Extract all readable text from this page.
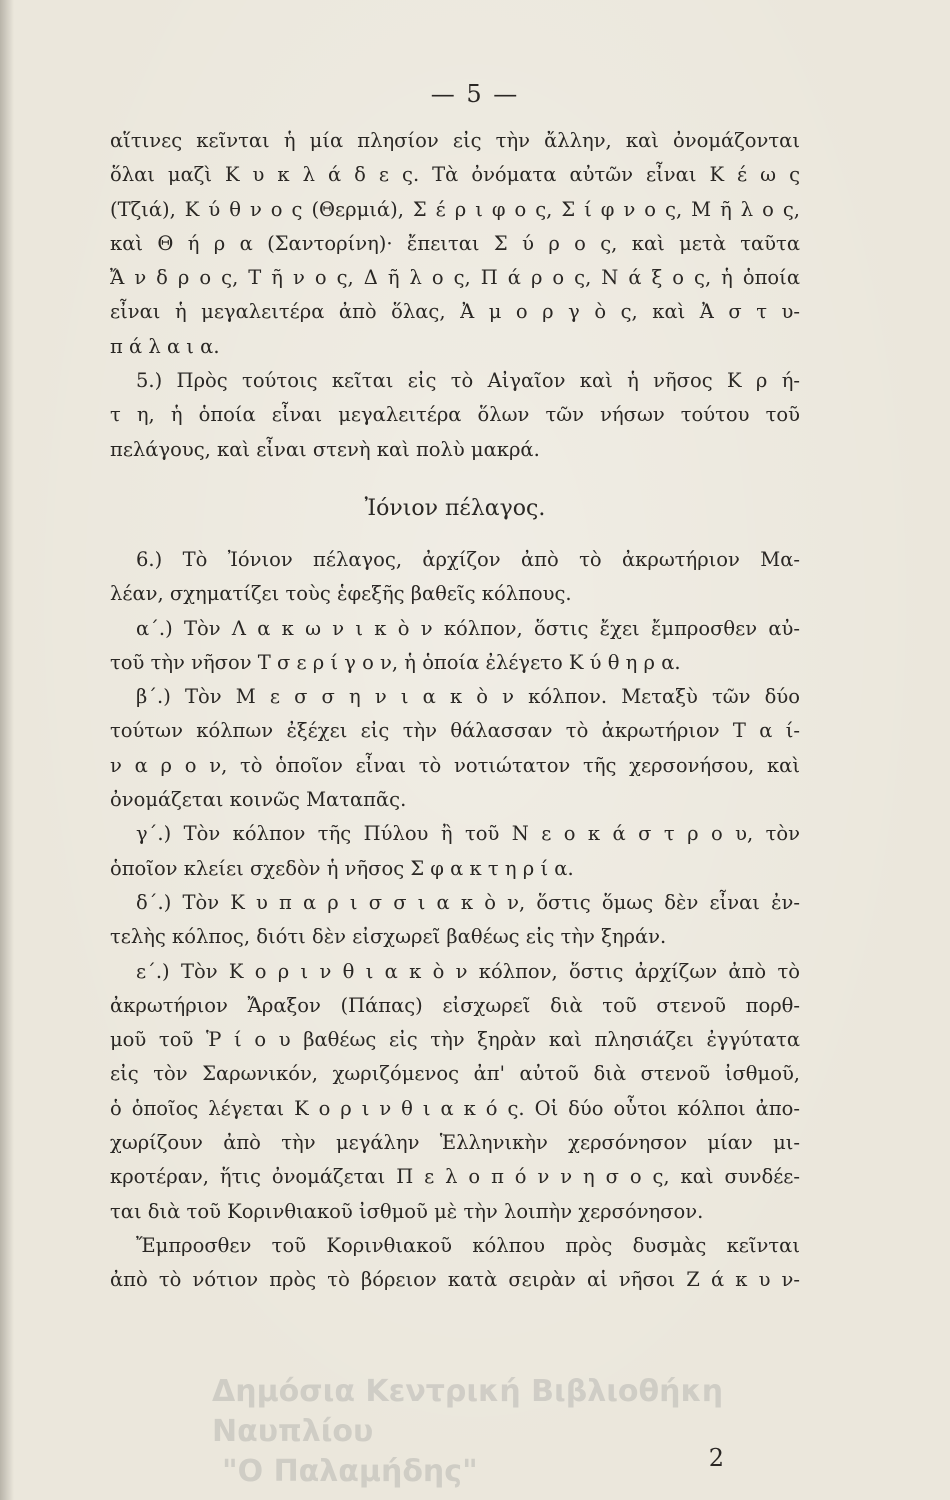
— 5 —
αἵτινες κεῖνται ἡ μία πλησίον εἰς τὴν ἄλλην, καὶ ὀνομάζονται
ὅλαι μαζὶ Κ υ κ λ ά δ ε ς. Τὰ ὀνόματα αὐτῶν εἶναι Κ έ ω ς
(Τζιά), Κ ύ θ ν ο ς (Θερμιά), Σ έ ρ ι φ ο ς, Σ ί φ ν ο ς, Μ ῆ λ ο ς,
καὶ Θ ή ρ α (Σαντορίνη)· ἔπειται Σ ύ ρ ο ς, καὶ μετὰ ταῦτα
Ἄ ν δ ρ ο ς, Τ ῆ ν ο ς, Δ ῆ λ ο ς, Π ά ρ ο ς, Ν ά ξ ο ς, ἡ ὁποία
εἶναι ἡ μεγαλειτέρα ἀπὸ ὅλας, Ἀ μ ο ρ γ ὸ ς, καὶ Ἀ σ τ υ-
π ά λ α ι α.
5.) Πρὸς τούτοις κεῖται εἰς τὸ Αἰγαῖον καὶ ἡ νῆσος Κ ρ ή-
τ η, ἡ ὁποία εἶναι μεγαλειτέρα ὅλων τῶν νήσων τούτου τοῦ
πελάγους, καὶ εἶναι στενὴ καὶ πολὺ μακρά.
Ἰόνιον πέλαγος.
6.) Τὸ Ἰόνιον πέλαγος, ἀρχίζον ἀπὸ τὸ ἀκρωτήριον Μα-
λέαν, σχηματίζει τοὺς ἑφεξῆς βαθεῖς κόλπους.
α΄.) Τὸν Λ α κ ω ν ι κ ὸ ν κόλπον, ὅστις ἔχει ἔμπροσθεν αὐ-
τοῦ τὴν νῆσον Τ σ ε ρ ί γ ο ν, ἡ ὁποία ἐλέγετο Κ ύ θ η ρ α.
β΄.) Τὸν Μ ε σ σ η ν ι α κ ὸ ν κόλπον. Μεταξὺ τῶν δύο
τούτων κόλπων ἐξέχει εἰς τὴν θάλασσαν τὸ ἀκρωτήριον Τ α ί-
ν α ρ ο ν, τὸ ὁποῖον εἶναι τὸ νοτιώτατον τῆς χερσονήσου, καὶ
ὀνομάζεται κοινῶς Ματαπᾶς.
γ΄.) Τὸν κόλπον τῆς Πύλου ἢ τοῦ Ν ε ο κ ά σ τ ρ ο υ, τὸν
ὁποῖον κλείει σχεδὸν ἡ νῆσος Σ φ α κ τ η ρ ί α.
δ΄.) Τὸν Κ υ π α ρ ι σ σ ι α κ ὸ ν, ὅστις ὅμως δὲν εἶναι ἐν-
τελὴς κόλπος, διότι δὲν εἰσχωρεῖ βαθέως εἰς τὴν ξηράν.
ε΄.) Τὸν Κ ο ρ ι ν θ ι α κ ὸ ν κόλπον, ὅστις ἀρχίζων ἀπὸ τὸ
ἀκρωτήριον Ἄραξον (Πάπας) εἰσχωρεῖ διὰ τοῦ στενοῦ πορθ-
μοῦ τοῦ Ῥ ί ο υ βαθέως εἰς τὴν ξηρὰν καὶ πλησιάζει ἐγγύτατα
εἰς τὸν Σαρωνικόν, χωριζόμενος ἀπ' αὐτοῦ διὰ στενοῦ ἰσθμοῦ,
ὁ ὁποῖος λέγεται Κ ο ρ ι ν θ ι α κ ό ς. Οἱ δύο οὗτοι κόλποι ἀπο-
χωρίζουν ἀπὸ τὴν μεγάλην Ἑλληνικὴν χερσόνησον μίαν μι-
κροτέραν, ἥτις ὀνομάζεται Π ε λ ο π ό ν ν η σ ο ς, καὶ συνδέε-
ται διὰ τοῦ Κορινθιακοῦ ἰσθμοῦ μὲ τὴν λοιπὴν χερσόνησον.
Ἔμπροσθεν τοῦ Κορινθιακοῦ κόλπου πρὸς δυσμὰς κεῖνται
ἀπὸ τὸ νότιον πρὸς τὸ βόρειον κατὰ σειρὰν αἱ νῆσοι Ζ ά κ υ ν-
Δημόσια Κεντρική Βιβλιοθήκη Ναυπλίου
"Ο Παλαμήδης"	2
